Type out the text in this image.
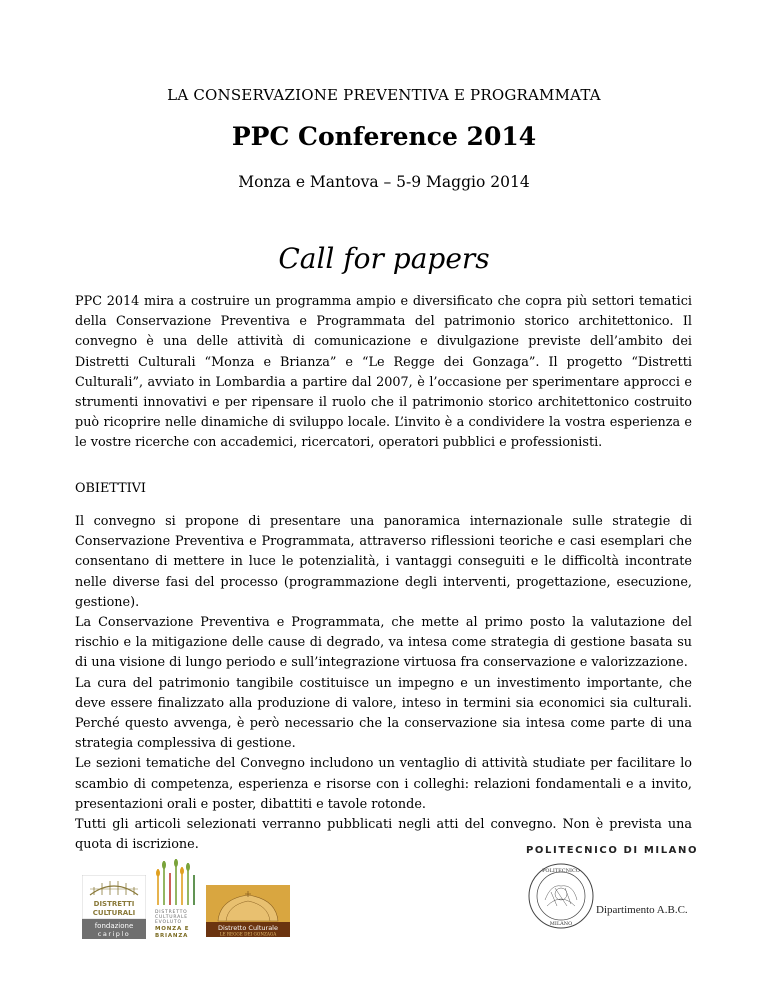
LA CONSERVAZIONE PREVENTIVA E PROGRAMMATA
PPC Conference 2014
Monza e Mantova – 5-9 Maggio 2014
Call for papers

PPC 2014 mira a costruire un programma ampio e diversificato che copra più settori tematici della Conservazione Preventiva e Programmata del patrimonio storico architettonico. Il convegno è una delle attività di comunicazione e divulgazione previste dell’ambito dei Distretti Culturali “Monza e Brianza” e “Le Regge dei Gonzaga”. Il progetto “Distretti Culturali”, avviato in Lombardia a partire dal 2007, è l’occasione per sperimentare approcci e strumenti innovativi e per ripensare il ruolo che il patrimonio storico architettonico costruito può ricoprire nelle dinamiche di sviluppo locale. L’invito è a condividere la vostra esperienza e le vostre ricerche con accademici, ricercatori, operatori pubblici e professionisti.

OBIETTIVI

Il convegno si propone di presentare una panoramica internazionale sulle strategie di Conservazione Preventiva e Programmata, attraverso riflessioni teoriche e casi esemplari che consentano di mettere in luce le potenzialità, i vantaggi conseguiti e le difficoltà incontrate nelle diverse fasi del processo (programmazione degli interventi, progettazione, esecuzione, gestione).

La Conservazione Preventiva e Programmata, che mette al primo posto la valutazione del rischio e la mitigazione delle cause di degrado, va intesa come strategia di gestione basata su di una visione di lungo periodo e sull’integrazione virtuosa fra conservazione e valorizzazione.

La cura del patrimonio tangibile costituisce un impegno e un investimento importante, che deve essere finalizzato alla produzione di valore, inteso in termini sia economici sia culturali. Perché questo avvenga, è però necessario che la conservazione sia intesa come parte di una strategia complessiva di gestione.

Le sezioni tematiche del Convegno includono un ventaglio di attività studiate per facilitare lo scambio di competenza, esperienza e risorse con i colleghi: relazioni fondamentali e a invito, presentazioni orali e poster, dibattiti e tavole rotonde.

Tutti gli articoli selezionati verranno pubblicati negli atti del convegno. Non è prevista una quota di iscrizione.

DISTRETTI
CULTURALI
fondazione
cariplo
DISTRETTO
CULTURALE
EVOLUTO
MONZA E
BRIANZA
Distretto Culturale
LE REGGE DEI GONZAGA
POLITECNICO DI MILANO
POLITECNICO
MILANO
Dipartimento A.B.C.
